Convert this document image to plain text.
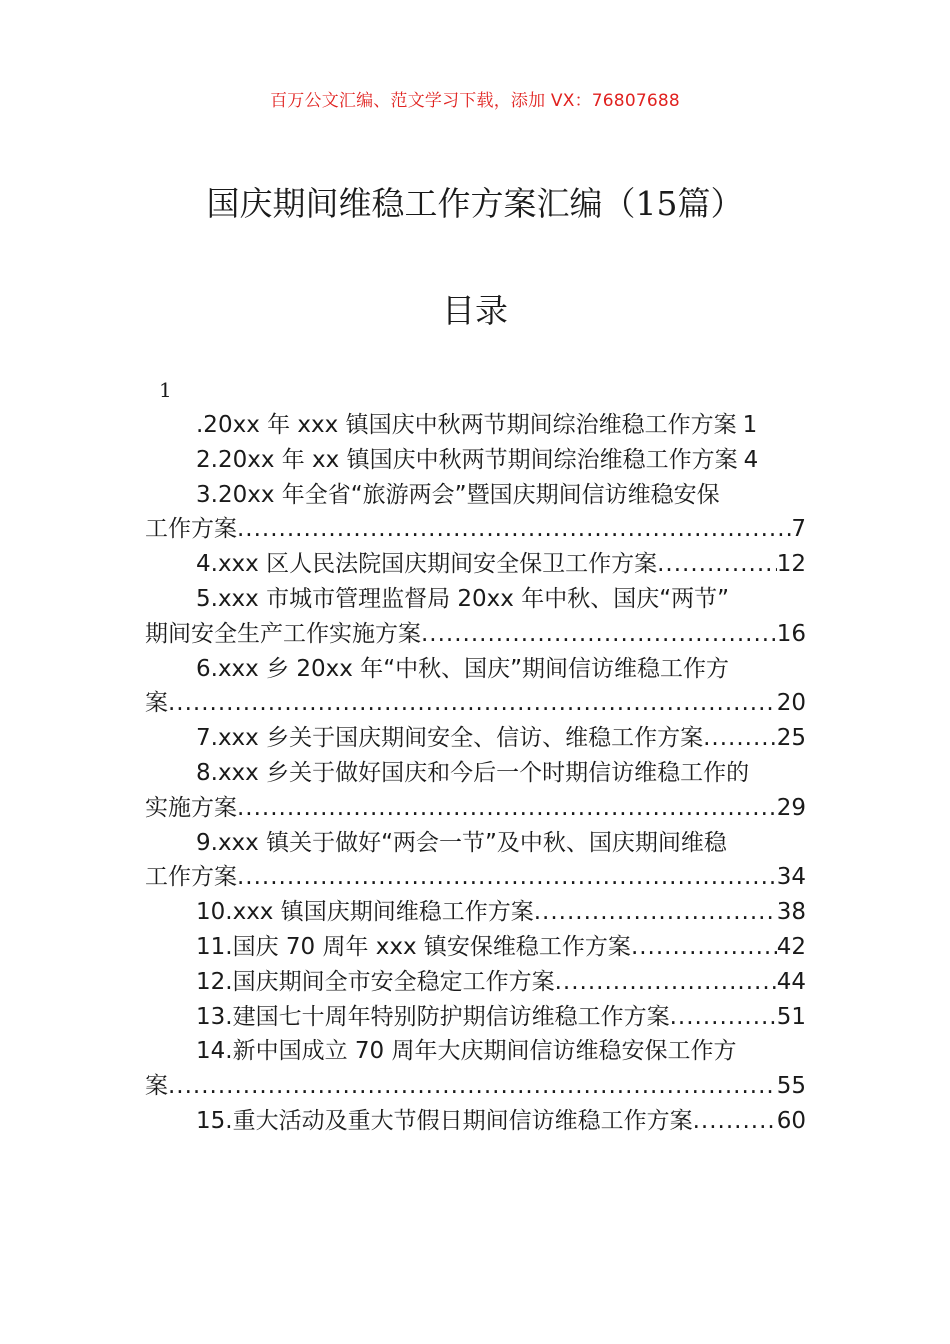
百万公文汇编、范文学习下载，添加 VX：76807688
国庆期间维稳工作方案汇编（15篇）
目录
1
.20xx 年 xxx 镇国庆中秋两节期间综治维稳工作方案 1
2.20xx 年 xx 镇国庆中秋两节期间综治维稳工作方案 4
3.20xx 年全省“旅游两会”暨国庆期间信访维稳安保
工作方案 .....	7
4.xxx 区人民法院国庆期间安全保卫工作方案 .....	12
5.xxx 市城市管理监督局 20xx 年中秋、国庆“两节”
期间安全生产工作实施方案 .....	16
6.xxx 乡 20xx 年“中秋、国庆”期间信访维稳工作方
案 .....	20
7.xxx 乡关于国庆期间安全、信访、维稳工作方案 .....	25
8.xxx 乡关于做好国庆和今后一个时期信访维稳工作的
实施方案 .....	29
9.xxx 镇关于做好“两会一节”及中秋、国庆期间维稳
工作方案 .....	34
10.xxx 镇国庆期间维稳工作方案 .....	38
11.国庆 70 周年 xxx 镇安保维稳工作方案 .....	42
12.国庆期间全市安全稳定工作方案 .....	44
13.建国七十周年特别防护期信访维稳工作方案 .....	51
14.新中国成立 70 周年大庆期间信访维稳安保工作方
案 .....	55
15.重大活动及重大节假日期间信访维稳工作方案 .....	60
